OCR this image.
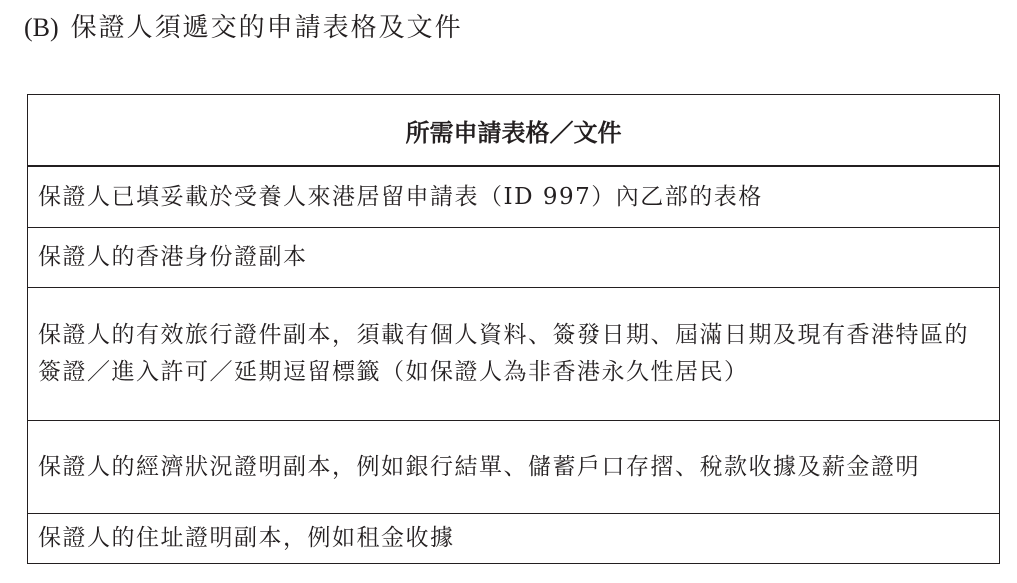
(B) 保證人須遞交的申請表格及文件
所需申請表格／文件
保證人已填妥載於受養人來港居留申請表（ID 997）內乙部的表格
保證人的香港身份證副本
保證人的有效旅行證件副本，須載有個人資料、簽發日期、屆滿日期及現有香港特區的簽證／進入許可／延期逗留標籤（如保證人為非香港永久性居民）
保證人的經濟狀況證明副本，例如銀行結單、儲蓄戶口存摺、稅款收據及薪金證明
保證人的住址證明副本，例如租金收據
